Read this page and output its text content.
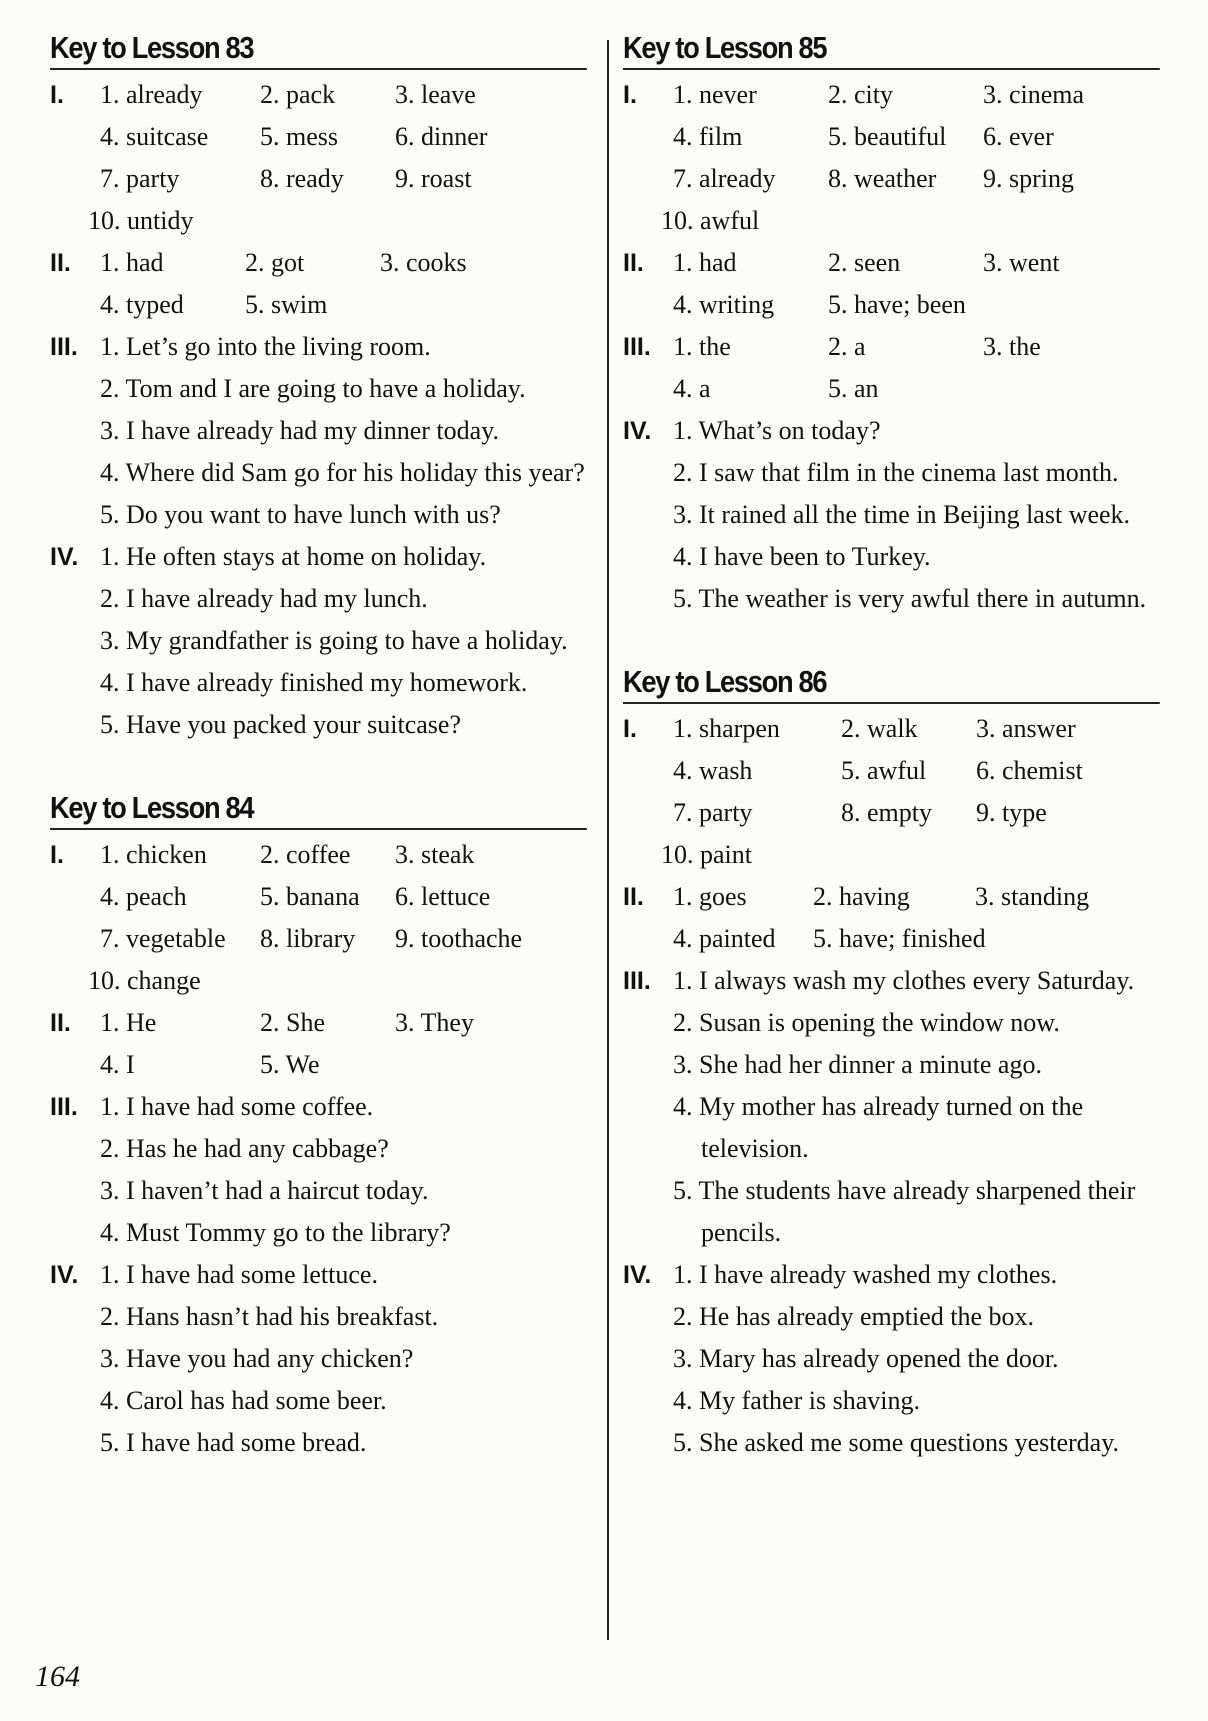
Key to Lesson 83
I. 1. already	2. pack	3. leave
4. suitcase	5. mess	6. dinner
7. party	8. ready	9. roast
10. untidy
II. 1. had	2. got	3. cooks
4. typed	5. swim
III. 1. Let’s go into the living room.
2. Tom and I are going to have a holiday.
3. I have already had my dinner today.
4. Where did Sam go for his holiday this year?
5. Do you want to have lunch with us?
IV. 1. He often stays at home on holiday.
2. I have already had my lunch.
3. My grandfather is going to have a holiday.
4. I have already finished my homework.
5. Have you packed your suitcase?
Key to Lesson 84
I. 1. chicken	2. coffee	3. steak
4. peach	5. banana	6. lettuce
7. vegetable	8. library	9. toothache
10. change
II. 1. He	2. She	3. They
4. I	5. We
III. 1. I have had some coffee.
2. Has he had any cabbage?
3. I haven’t had a haircut today.
4. Must Tommy go to the library?
IV. 1. I have had some lettuce.
2. Hans hasn’t had his breakfast.
3. Have you had any chicken?
4. Carol has had some beer.
5. I have had some bread.
Key to Lesson 85
I. 1. never	2. city	3. cinema
4. film	5. beautiful	6. ever
7. already	8. weather	9. spring
10. awful
II. 1. had	2. seen	3. went
4. writing	5. have; been
III. 1. the	2. a	3. the
4. a	5. an
IV. 1. What’s on today?
2. I saw that film in the cinema last month.
3. It rained all the time in Beijing last week.
4. I have been to Turkey.
5. The weather is very awful there in autumn.
Key to Lesson 86
I. 1. sharpen	2. walk	3. answer
4. wash	5. awful	6. chemist
7. party	8. empty	9. type
10. paint
II. 1. goes	2. having	3. standing
4. painted	5. have; finished
III. 1. I always wash my clothes every Saturday.
2. Susan is opening the window now.
3. She had her dinner a minute ago.
4. My mother has already turned on the television.
5. The students have already sharpened their pencils.
IV. 1. I have already washed my clothes.
2. He has already emptied the box.
3. Mary has already opened the door.
4. My father is shaving.
5. She asked me some questions yesterday.
164
